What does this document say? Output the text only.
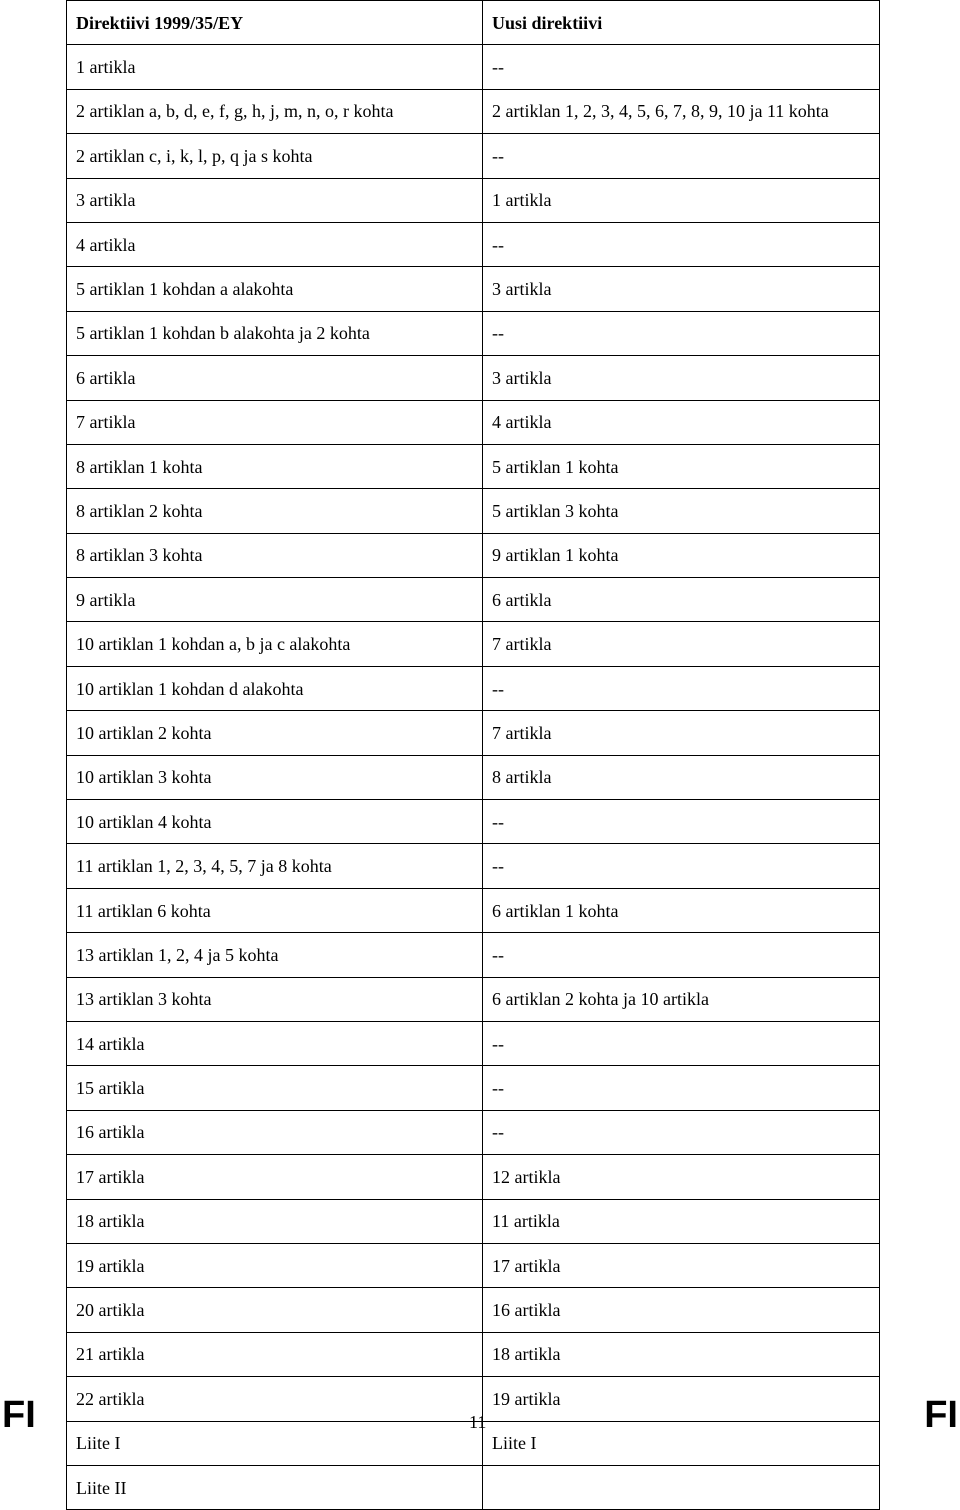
Direktiivi 1999/35/EY	Uusi direktiivi
1 artikla	--
2 artiklan a, b, d, e, f, g, h, j, m, n, o, r kohta	2 artiklan 1, 2, 3, 4, 5, 6, 7, 8, 9, 10 ja 11 kohta
2 artiklan c, i, k, l, p, q ja s kohta	--
3 artikla	1 artikla
4 artikla	--
5 artiklan 1 kohdan a alakohta	3 artikla
5 artiklan 1 kohdan b alakohta ja 2 kohta	--
6 artikla	3 artikla
7 artikla	4 artikla
8 artiklan 1 kohta	5 artiklan 1 kohta
8 artiklan 2 kohta	5 artiklan 3 kohta
8 artiklan 3 kohta	9 artiklan 1 kohta
9 artikla	6 artikla
10 artiklan 1 kohdan a, b ja c alakohta	7 artikla
10 artiklan 1 kohdan d alakohta	--
10 artiklan 2 kohta	7 artikla
10 artiklan 3 kohta	8 artikla
10 artiklan 4 kohta	--
11 artiklan 1, 2, 3, 4, 5, 7 ja 8 kohta	--
11 artiklan 6 kohta	6 artiklan 1 kohta
13 artiklan 1, 2, 4 ja 5 kohta	--
13 artiklan 3 kohta	6 artiklan 2 kohta ja 10 artikla
14 artikla	--
15 artikla	--
16 artikla	--
17 artikla	12 artikla
18 artikla	11 artikla
19 artikla	17 artikla
20 artikla	16 artikla
21 artikla	18 artikla
22 artikla	19 artikla
Liite I	Liite I
Liite II	
FI	11	FI
